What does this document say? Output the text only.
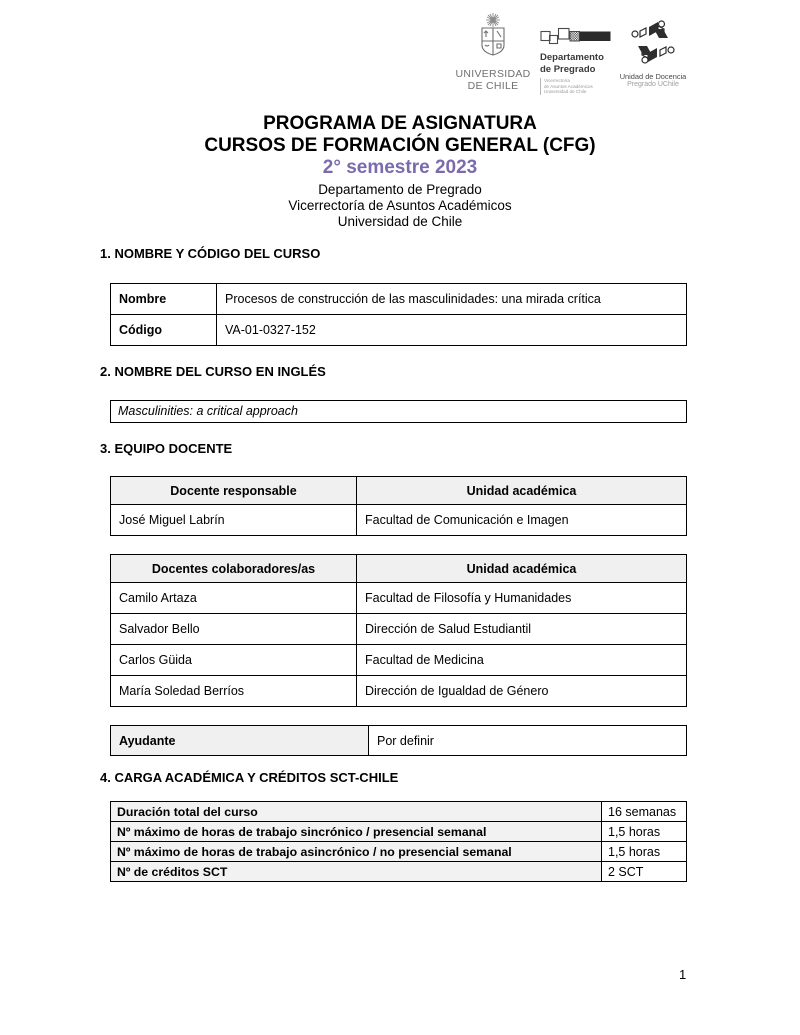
UNIVERSIDAD
DE CHILE
Departamento
de Pregrado
Vicerrectoría
de Asuntos Académicos
Universidad de Chile
Unidad de Docencia
Pregrado UChile
PROGRAMA DE ASIGNATURA
CURSOS DE FORMACIÓN GENERAL (CFG)
2° semestre 2023
Departamento de Pregrado
Vicerrectoría de Asuntos Académicos
Universidad de Chile
1. NOMBRE Y CÓDIGO DEL CURSO
Nombre	Procesos de construcción de las masculinidades: una mirada crítica
Código	VA-01-0327-152
2. NOMBRE DEL CURSO EN INGLÉS
Masculinities: a critical approach
3. EQUIPO DOCENTE
Docente responsable	Unidad académica
José Miguel Labrín	Facultad de Comunicación e Imagen
Docentes colaboradores/as	Unidad académica
Camilo Artaza	Facultad de Filosofía y Humanidades
Salvador Bello	Dirección de Salud Estudiantil
Carlos Güida	Facultad de Medicina
María Soledad Berríos	Dirección de Igualdad de Género
Ayudante	Por definir
4. CARGA ACADÉMICA Y CRÉDITOS SCT-CHILE
Duración total del curso	16 semanas
Nº máximo de horas de trabajo sincrónico / presencial semanal	1,5 horas
Nº máximo de horas de trabajo asincrónico / no presencial semanal	1,5 horas
Nº de créditos SCT	2 SCT
1
